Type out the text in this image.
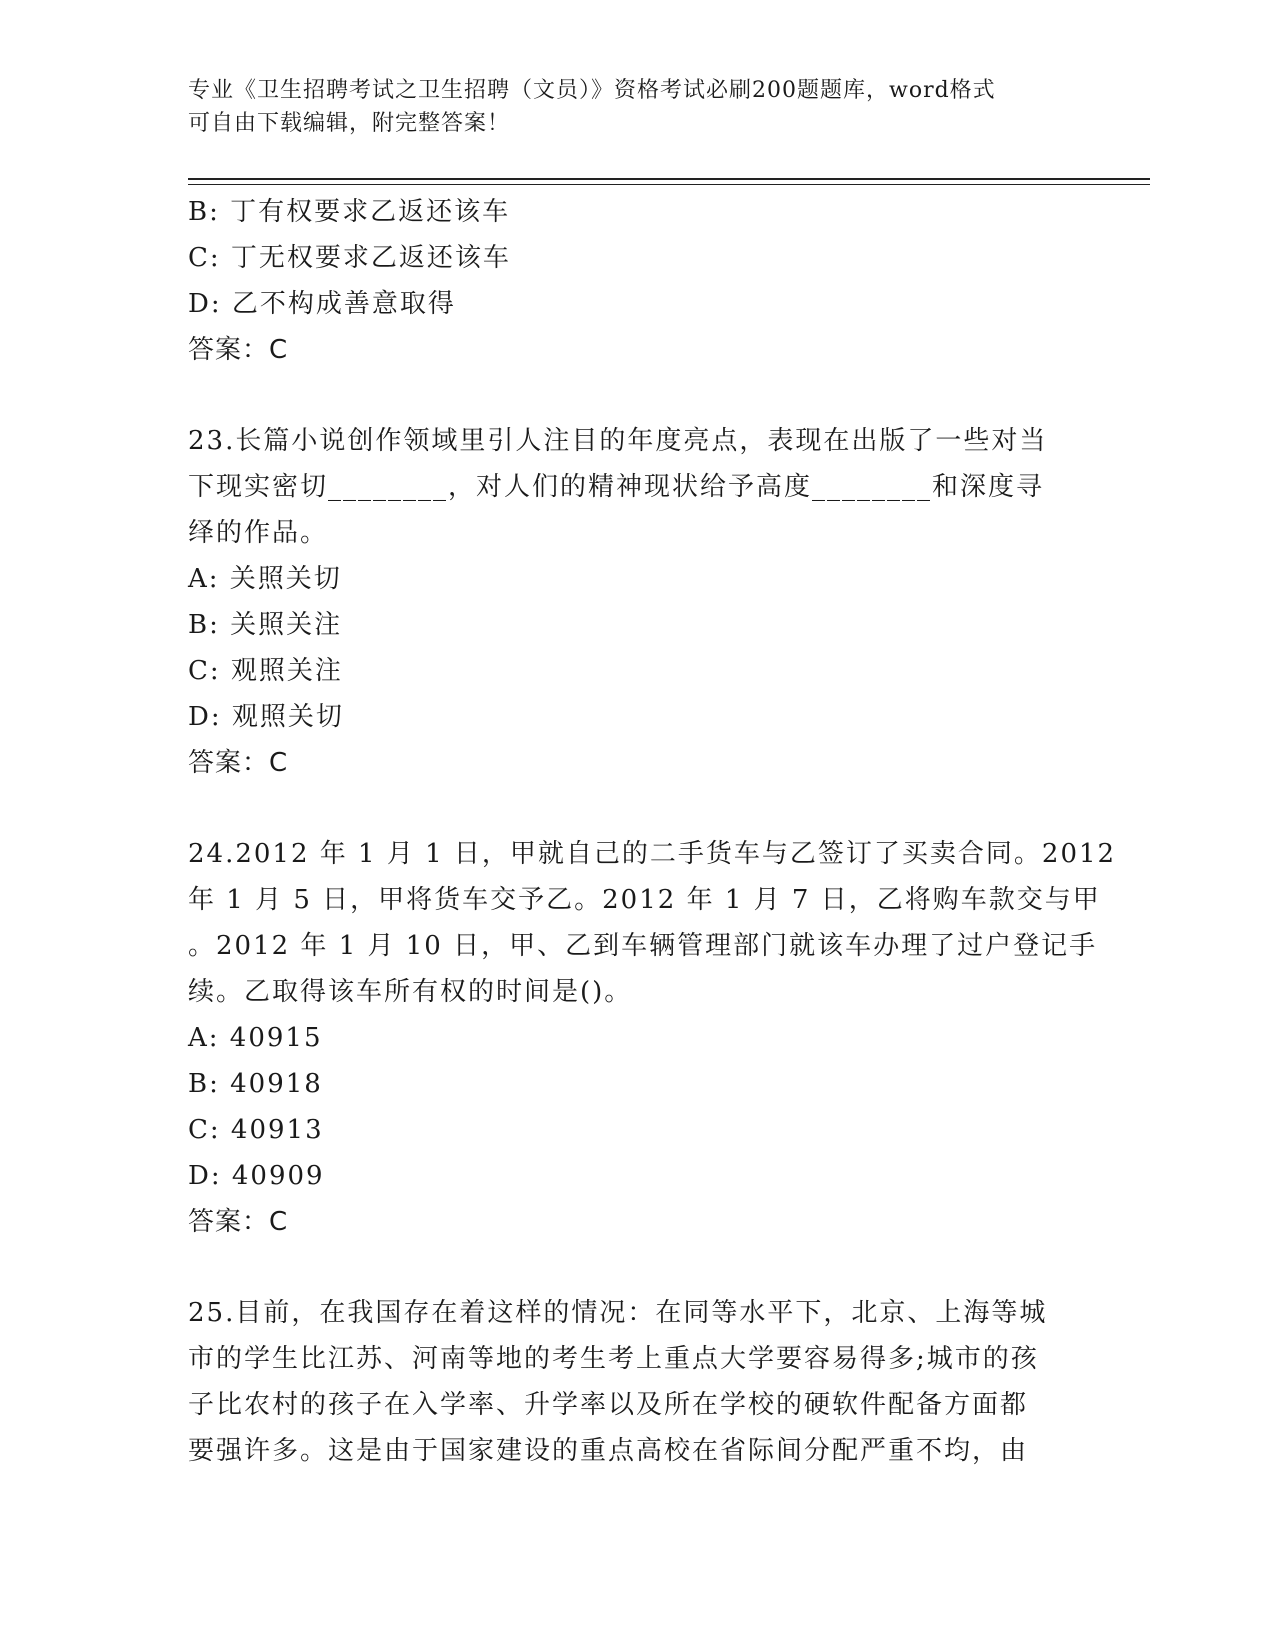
专业《卫生招聘考试之卫生招聘（文员）》资格考试必刷200题题库，word格式
可自由下载编辑，附完整答案！
B: 丁有权要求乙返还该车
C: 丁无权要求乙返还该车
D: 乙不构成善意取得
答案：C
23.长篇小说创作领域里引人注目的年度亮点，表现在出版了一些对当
下现实密切________，对人们的精神现状给予高度________和深度寻
绎的作品。
A: 关照关切
B: 关照关注
C: 观照关注
D: 观照关切
答案：C
24.2012 年 1 月 1 日，甲就自己的二手货车与乙签订了买卖合同。2012
年 1 月 5 日，甲将货车交予乙。2012 年 1 月 7 日，乙将购车款交与甲
。2012 年 1 月 10 日，甲、乙到车辆管理部门就该车办理了过户登记手
续。乙取得该车所有权的时间是()。
A: 40915
B: 40918
C: 40913
D: 40909
答案：C
25.目前，在我国存在着这样的情况：在同等水平下，北京、上海等城
市的学生比江苏、河南等地的考生考上重点大学要容易得多;城市的孩
子比农村的孩子在入学率、升学率以及所在学校的硬软件配备方面都
要强许多。这是由于国家建设的重点高校在省际间分配严重不均，由
